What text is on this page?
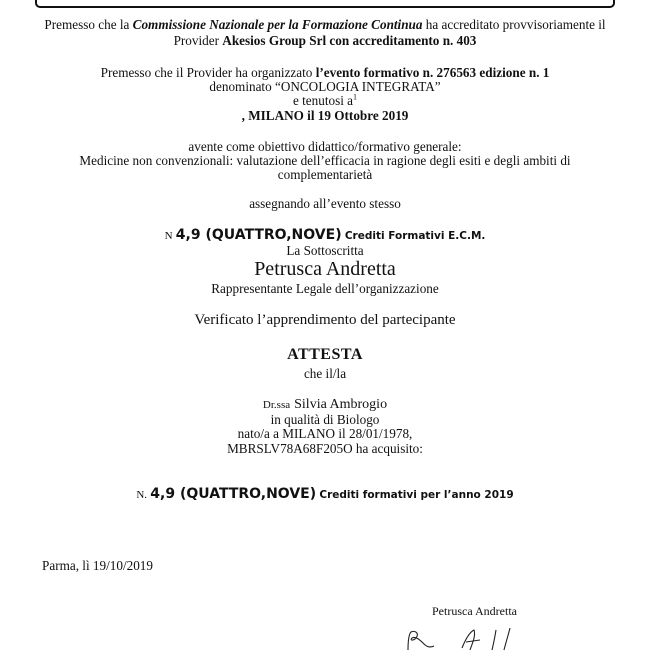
Premesso che la Commissione Nazionale per la Formazione Continua ha accreditato provvisoriamente il

Provider Akesios Group Srl con accreditamento n. 403

Premesso che il Provider ha organizzato l’evento formativo n. 276563 edizione n. 1

denominato “ONCOLOGIA INTEGRATA”

e tenutosi $a^1$

, MILANO il 19 Ottobre 2019

avente come obiettivo didattico/formativo generale:

Medicine non convenzionali: valutazione dell’efficacia in ragione degli esiti e degli ambiti di

complementarietà

assegnando all’evento stesso

N 4,9 (QUATTRO,NOVE) Crediti Formativi E.C.M.

La Sottoscritta

Petrusca Andretta

Rappresentante Legale dell’organizzazione

Verificato l’apprendimento del partecipante

ATTESTA

che il/la

Dr.ssa Silvia Ambrogio

in qualità di Biologo

nato/a a MILANO il 28/01/1978,

MBRSLV78A68F205O ha acquisito:

N. 4,9 (QUATTRO,NOVE) Crediti formativi per l’anno 2019

Parma, lì 19/10/2019
Petrusca Andretta
